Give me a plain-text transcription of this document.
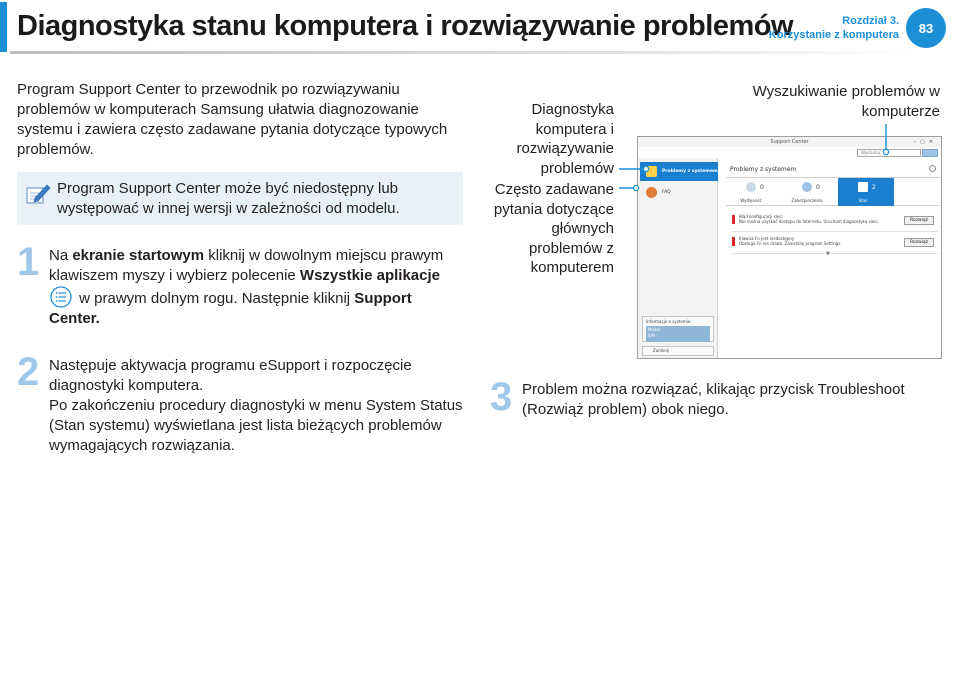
Diagnostyka stanu komputera i rozwiązywanie problemów	Rozdział 3.
Korzystanie z komputera	83

Program Support Center to przewodnik po rozwiązywaniu problemów w komputerach Samsung ułatwia diagnozowanie systemu i zawiera często zadawane pytania dotyczące typowych problemów.

Program Support Center może być niedostępny lub występować w innej wersji w zależności od modelu.

1 Na ekranie startowym kliknij w dowolnym miejscu prawym klawiszem myszy i wybierz polecenie Wszystkie aplikacje
w prawym dolnym rogu. Następnie kliknij Support Center.

2 Następuje aktywacja programu eSupport i rozpoczęcie diagnostyki komputera.

Po zakończeniu procedury diagnostyki w menu System Status (Stan systemu) wyświetlana jest lista bieżących problemów wymagających rozwiązania.

3 Problem można rozwiązać, klikając przycisk Troubleshoot (Rozwiąż problem) obok niego.

Diagnostyka komputera i rozwiązywanie problemów
Często zadawane pytania dotyczące głównych problemów z komputerem
Wyszukiwanie problemów w komputerze
Support Center	–▢✕
Wyszukaj
Problemy z systemem
FAQ
Informacje o systemie
Model :
S/N :
Zamknij
Problemy z systemem
0
Wydajność
0
Zabezpieczenia
2
Stan
Błąd konfiguracji sieci
Nie można uzyskać dostępu do Internetu. Uruchom diagnostykę sieci.	Rozwiąż
Klawisz Fn jest niedostępny
Obsługa Fn nie działa. Zainstaluj program Settings.	Rozwiąż
▼
